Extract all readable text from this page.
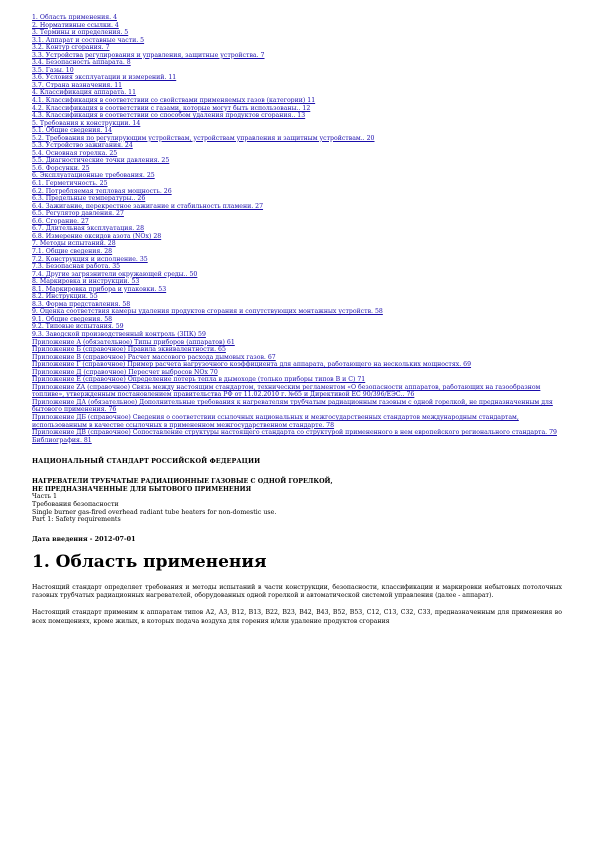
1. Область применения. 4
2. Нормативные ссылки. 4
3. Термины и определения. 5
3.1. Аппарат и составные части. 5
3.2. Контур сгорания. 7
3.3. Устройства регулирования и управления, защитные устройства. 7
3.4. Безопасность аппарата. 8
3.5. Газы. 10
3.6. Условия эксплуатации и измерений. 11
3.7. Страна назначения. 11
4. Классификация аппарата. 11
4.1. Классификация в соответствии со свойствами применяемых газов (категории) 11
4.2. Классификация в соответствии с газами, которые могут быть использованы.. 12
4.3. Классификация в соответствии со способом удаления продуктов сгорания.. 13
5. Требования к конструкции. 14
5.1. Общие сведения. 14
5.2. Требования по регулирующим устройствам, устройствам управления и защитным устройствам.. 20
5.3. Устройство зажигания. 24
5.4. Основная горелка. 25
5.5. Диагностические точки давления. 25
5.6. Форсунки. 25
6. Эксплуатационные требования. 25
6.1. Герметичность. 25
6.2. Потребляемая тепловая мощность. 26
6.3. Предельные температуры.. 26
6.4. Зажигание, перекрестное зажигание и стабильность пламени. 27
6.5. Регулятор давления. 27
6.6. Сгорание. 27
6.7. Длительная эксплуатация. 28
6.8. Измерение оксидов азота (NOx) 28
7. Методы испытаний. 28
7.1. Общие сведения. 28
7.2. Конструкция и исполнение. 35
7.3. Безопасная работа. 35
7.4. Другие загрязнители окружающей среды.. 50
8. Маркировка и инструкции. 53
8.1. Маркировка прибора и упаковки. 53
8.2. Инструкции. 55
8.3. Форма представления. 58
9. Оценка соответствия камеры удаления продуктов сгорания и сопутствующих монтажных устройств. 58
9.1. Общие сведения. 58
9.2. Типовые испытания. 59
9.3. Заводской производственный контроль (ЗПК) 59
Приложение А (обязательное) Типы приборов (аппаратов) 61
Приложение Б (справочное) Правила эквивалентности. 65
Приложение В (справочное) Расчет массового расхода дымовых газов. 67
Приложение Г (справочное) Пример расчета нагрузочного коэффициента для аппарата, работающего на нескольких мощностях. 69
Приложение Д (справочное) Пересчет выбросов NOх 70
Приложение Е (справочное) Определение потерь тепла в дымоходе (только приборы типов В и С) 71
Приложение ZA (справочное) Связь между настоящим стандартом, техническим регламентом «О безопасности аппаратов, работающих на газообразном топливе», утвержденным постановлением правительства РФ от 11.02.2010 г. №65 и Директивой ЕС 90/396/ЕЭС.. 76
Приложение ДА (обязательное) Дополнительные требования к нагревателям трубчатым радиационным газовым с одной горелкой, не предназначенным для бытового применения. 76
Приложение ДБ (справочное) Сведения о соответствии ссылочных национальных и межгосударственных стандартов международным стандартам, использованным в качестве ссылочных в примененном межгосударственном стандарте. 78
Приложение ДВ (справочное) Сопоставление структуры настоящего стандарта со структурой примененного в нем европейского регионального стандарта. 79
Библиография. 81
НАЦИОНАЛЬНЫЙ СТАНДАРТ РОССИЙСКОЙ ФЕДЕРАЦИИ
НАГРЕВАТЕЛИ ТРУБЧАТЫЕ РАДИАЦИОННЫЕ ГАЗОВЫЕ С ОДНОЙ ГОРЕЛКОЙ,
НЕ ПРЕДНАЗНАЧЕННЫЕ ДЛЯ БЫТОВОГО ПРИМЕНЕНИЯ
Часть 1
Требования безопасности
Single burner gas-fired overhead radiant tube heaters for non-domestic use.
Part 1: Safety requirements
Дата введения - 2012-07-01
1. Область применения

Настоящий стандарт определяет требования и методы испытаний в части конструкции, безопасности, классификации и маркировки небытовых потолочных газовых трубчатых радиационных нагревателей, оборудованных одной горелкой и автоматической системой управления (далее - аппарат).

Настоящий стандарт применим к аппаратам типов А2, А3, В12, В13, В22, В23, В42, В43, В52, В53, С12, С13, С32, С33, предназначенным для применения во всех помещениях, кроме жилых, в которых подача воздуха для горения и/или удаление продуктов сгорания
